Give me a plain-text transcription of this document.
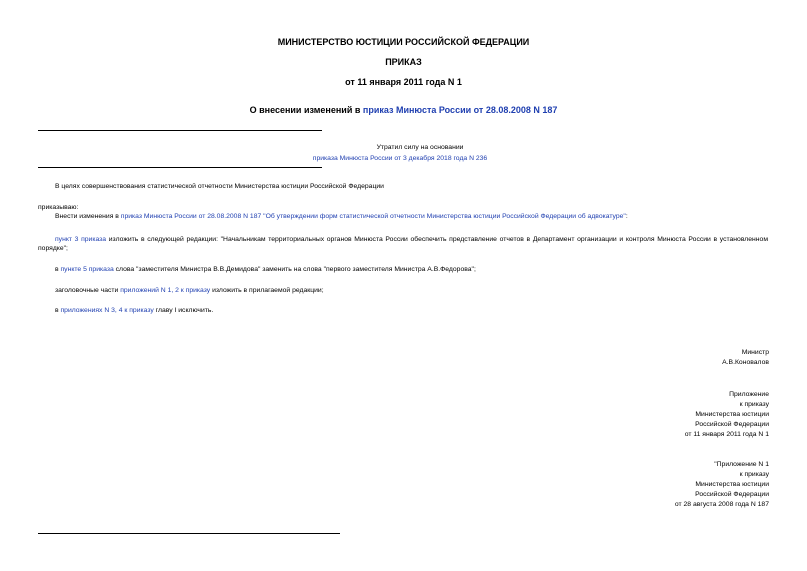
МИНИСТЕРСТВО ЮСТИЦИИ РОССИЙСКОЙ ФЕДЕРАЦИИ
ПРИКАЗ
от 11 января 2011 года N 1
О внесении изменений в приказ Минюста России от 28.08.2008 N 187
Утратил силу на основании
приказа Минюста России от 3 декабря 2018 года N 236
В целях совершенствования статистической отчетности Министерства юстиции Российской Федерации
приказываю:
Внести изменения в приказ Минюста России от 28.08.2008 N 187 "Об утверждении форм статистической отчетности Министерства юстиции Российской Федерации об адвокатуре":
пункт 3 приказа изложить в следующей редакции: "Начальникам территориальных органов Минюста России обеспечить представление отчетов в Департамент организации и контроля Минюста России в установленном порядке";
в пункте 5 приказа слова "заместителя Министра В.В.Демидова" заменить на слова "первого заместителя Министра А.В.Федорова";
заголовочные части приложений N 1, 2 к приказу изложить в прилагаемой редакции;
в приложениях N 3, 4 к приказу главу I исключить.
Министр
А.В.Коновалов
Приложение
к приказу
Министерства юстиции
Российской Федерации
от 11 января 2011 года N 1
"Приложение N 1
к приказу
Министерства юстиции
Российской Федерации
от 28 августа 2008 года N 187
